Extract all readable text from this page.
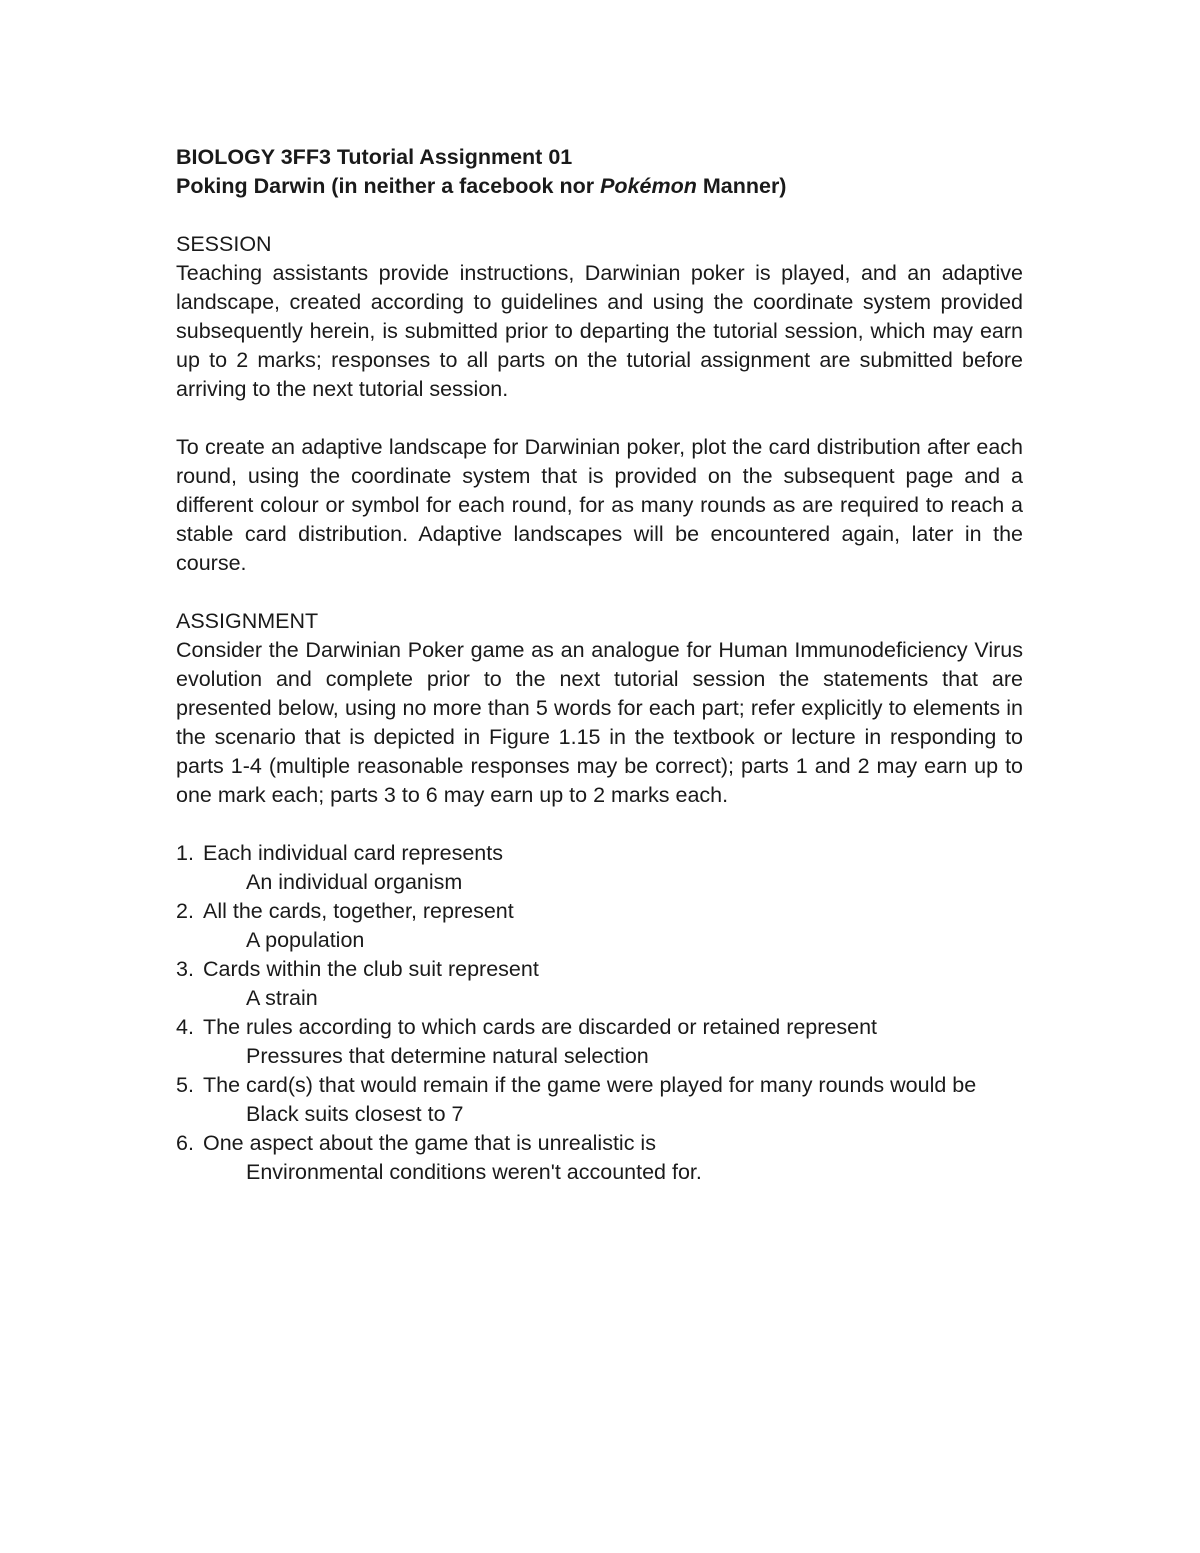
BIOLOGY 3FF3 Tutorial Assignment 01

Poking Darwin (in neither a facebook nor Pokémon Manner)

SESSION

Teaching assistants provide instructions, Darwinian poker is played, and an adaptive landscape, created according to guidelines and using the coordinate system provided subsequently herein, is submitted prior to departing the tutorial session, which may earn up to 2 marks; responses to all parts on the tutorial assignment are submitted before arriving to the next tutorial session.

To create an adaptive landscape for Darwinian poker, plot the card distribution after each round, using the coordinate system that is provided on the subsequent page and a different colour or symbol for each round, for as many rounds as are required to reach a stable card distribution. Adaptive landscapes will be encountered again, later in the course.

ASSIGNMENT

Consider the Darwinian Poker game as an analogue for Human Immunodeficiency Virus evolution and complete prior to the next tutorial session the statements that are presented below, using no more than 5 words for each part; refer explicitly to elements in the scenario that is depicted in Figure 1.15 in the textbook or lecture in responding to parts 1-4 (multiple reasonable responses may be correct); parts 1 and 2 may earn up to one mark each; parts 3 to 6 may earn up to 2 marks each.

1. Each individual card represents
An individual organism
2. All the cards, together, represent
A population
3. Cards within the club suit represent
A strain
4. The rules according to which cards are discarded or retained represent
Pressures that determine natural selection
5. The card(s) that would remain if the game were played for many rounds would be
Black suits closest to 7
6. One aspect about the game that is unrealistic is
Environmental conditions weren't accounted for.
